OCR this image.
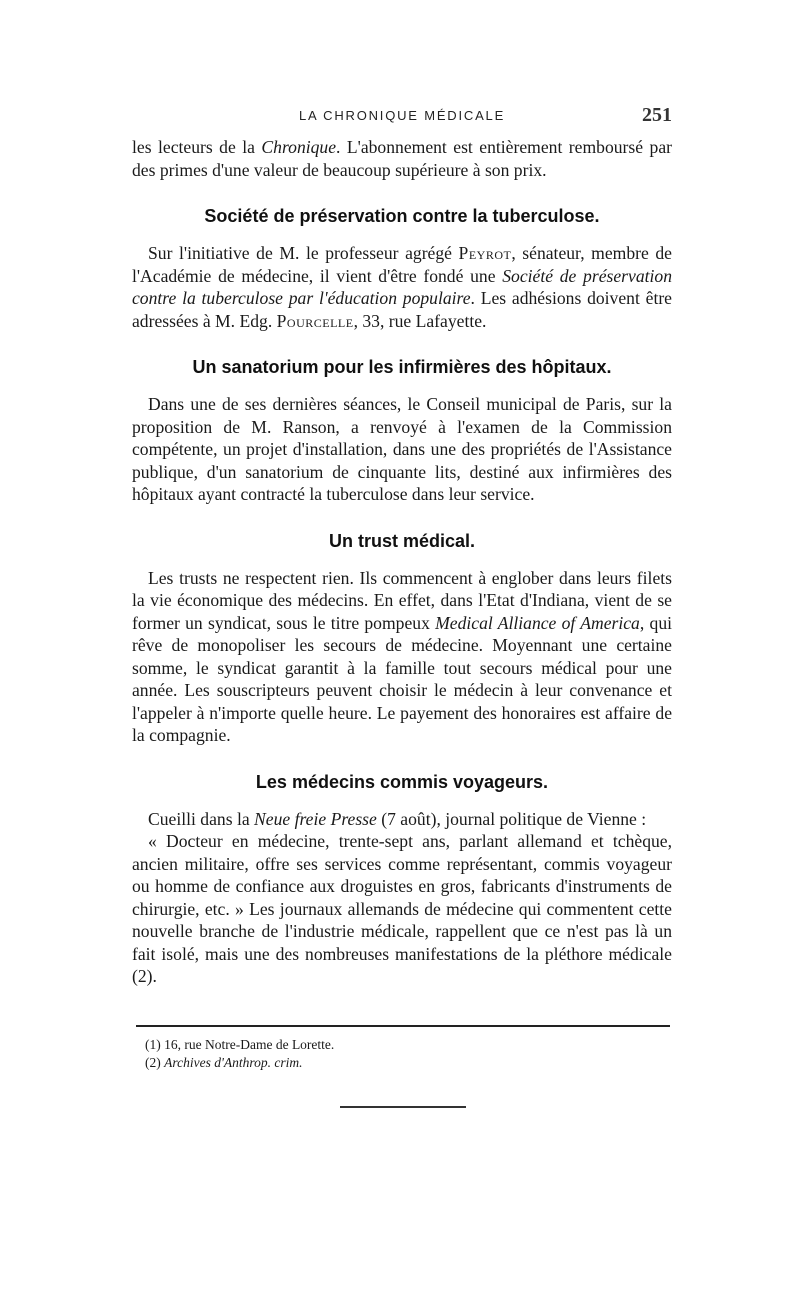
LA CHRONIQUE MÉDICALE	251

les lecteurs de la Chronique. L'abonnement est entièrement remboursé par des primes d'une valeur de beaucoup supérieure à son prix.

Société de préservation contre la tuberculose.

Sur l'initiative de M. le professeur agrégé Peyrot, sénateur, membre de l'Académie de médecine, il vient d'être fondé une Société de préservation contre la tuberculose par l'éducation populaire. Les adhésions doivent être adressées à M. Edg. Pourcelle, 33, rue Lafayette.

Un sanatorium pour les infirmières des hôpitaux.

Dans une de ses dernières séances, le Conseil municipal de Paris, sur la proposition de M. Ranson, a renvoyé à l'examen de la Commission compétente, un projet d'installation, dans une des propriétés de l'Assistance publique, d'un sanatorium de cinquante lits, destiné aux infirmières des hôpitaux ayant contracté la tuberculose dans leur service.

Un trust médical.

Les trusts ne respectent rien. Ils commencent à englober dans leurs filets la vie économique des médecins. En effet, dans l'Etat d'Indiana, vient de se former un syndicat, sous le titre pompeux Medical Alliance of America, qui rêve de monopoliser les secours de médecine. Moyennant une certaine somme, le syndicat garantit à la famille tout secours médical pour une année. Les souscripteurs peuvent choisir le médecin à leur convenance et l'appeler à n'importe quelle heure. Le payement des honoraires est affaire de la compagnie.

Les médecins commis voyageurs.

Cueilli dans la Neue freie Presse (7 août), journal politique de Vienne :

« Docteur en médecine, trente-sept ans, parlant allemand et tchèque, ancien militaire, offre ses services comme représentant, commis voyageur ou homme de confiance aux droguistes en gros, fabricants d'instruments de chirurgie, etc. » Les journaux allemands de médecine qui commentent cette nouvelle branche de l'industrie médicale, rappellent que ce n'est pas là un fait isolé, mais une des nombreuses manifestations de la pléthore médicale (2).

(1) 16, rue Notre-Dame de Lorette.
(2) Archives d'Anthrop. crim.
